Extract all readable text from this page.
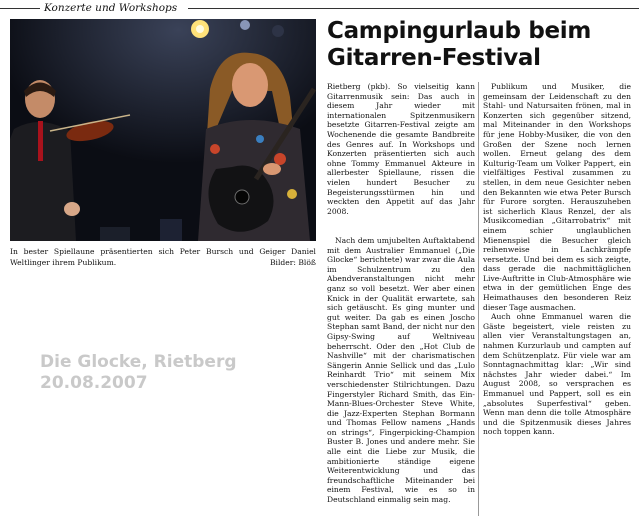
Konzerte und Workshops
In bester Spiellaune präsentierten sich Peter Bursch und Geiger Daniel Weltlinger ihrem Publikum.	Bilder: Blöß
Die Glocke, Rietberg
20.08.2007
Campingurlaub beim Gitarren-Festival

Rietberg (pkb). So vielseitig kann Gitarrenmusik sein: Das auch in diesem Jahr wieder mit internationalen Spitzenmusikern besetzte Gitarren-Festival zeigte am Wochenende die gesamte Bandbreite des Genres auf. In Workshops und Konzerten präsentierten sich auch ohne Tommy Emmanuel Akteure in allerbester Spiellaune, rissen die vielen hundert Besucher zu Begeisterungsstürmen hin und weckten den Appetit auf das Jahr 2008.

Nach dem umjubelten Auftaktabend mit dem Australier Emmanuel („Die Glocke“ berichtete) war zwar die Aula im Schulzentrum zu den Abendveranstaltungen nicht mehr ganz so voll besetzt. Wer aber einen Knick in der Qualität erwartete, sah sich getäuscht. Es ging munter und gut weiter. Da gab es einen Joscho Stephan samt Band, der nicht nur den Gipsy-Swing auf Weltniveau beherrscht. Oder den „Hot Club de Nashville“ mit der charismatischen Sängerin Annie Sellick und das „Lulo Reinhardt Trio“ mit seinem Mix verschiedenster Stilrichtungen. Dazu Fingerstyler Richard Smith, das Ein-Mann-Blues-Orchester Steve White, die Jazz-Experten Stephan Bormann und Thomas Fellow namens „Hands on strings“, Fingerpicking-Champion Buster B. Jones und andere mehr. Sie alle eint die Liebe zur Musik, die ambitionierte ständige eigene Weiterentwicklung und das freundschaftliche Miteinander bei einem Festival, wie es so in Deutschland einmalig sein mag.

Publikum und Musiker, die gemeinsam der Leidenschaft zu den Stahl- und Natursaiten frönen, mal in Konzerten sich gegenüber sitzend, mal Miteinander in den Workshops für jene Hobby-Musiker, die von den Großen der Szene noch lernen wollen. Erneut gelang des dem Kulturig-Team um Volker Pappert, ein vielfältiges Festival zusammen zu stellen, in dem neue Gesichter neben den Bekannten wie etwa Peter Bursch für Furore sorgten. Herauszuheben ist sicherlich Klaus Renzel, der als Musikcomedian „Gitarrobatrix“ mit einem schier unglaublichen Mienenspiel die Besucher gleich reihenweise in Lachkrämpfe versetzte. Und bei dem es sich zeigte, dass gerade die nachmittäglichen Live-Auftritte in Club-Atmosphäre wie etwa in der gemütlichen Enge des Heimathauses den besonderen Reiz dieser Tage ausmachen.

Auch ohne Emmanuel waren die Gäste begeistert, viele reisten zu allen vier Veranstaltungstagen an, nahmen Kurzurlaub und campten auf dem Schützenplatz. Für viele war am Sonntagnachmittag klar: „Wir sind nächstes Jahr wieder dabei.“ Im August 2008, so versprachen es Emmanuel und Pappert, soll es ein „absolutes Superfestival“ geben. Wenn man denn die tolle Atmosphäre und die Spitzenmusik dieses Jahres noch toppen kann.
